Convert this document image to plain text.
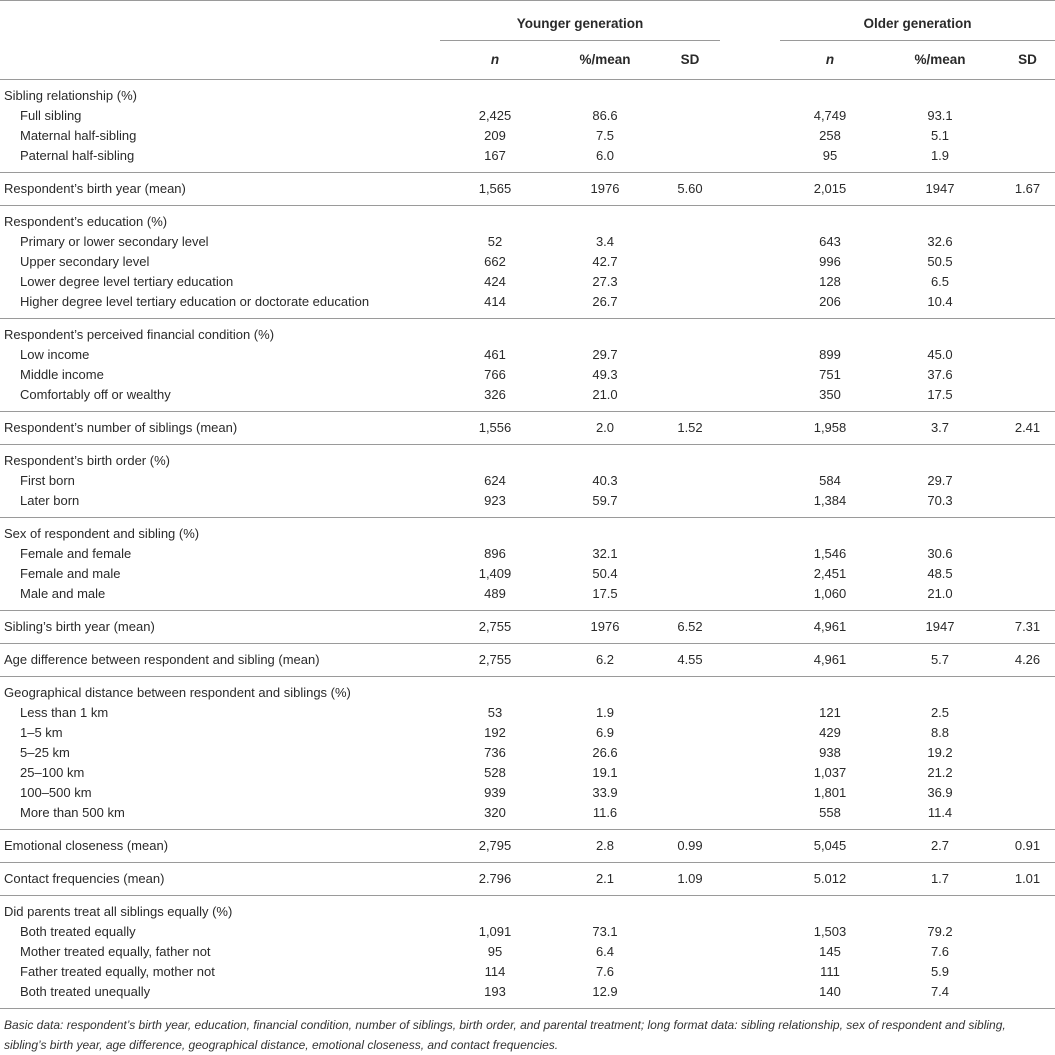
	Younger generation				Older generation		
	n	%/mean	SD		n	%/mean	SD
Sibling relationship (%)							
Full sibling	2,425	86.6			4,749	93.1	
Maternal half-sibling	209	7.5			258	5.1	
Paternal half-sibling	167	6.0			95	1.9	
Respondent’s birth year (mean)	1,565	1976	5.60		2,015	1947	1.67
Respondent’s education (%)							
Primary or lower secondary level	52	3.4			643	32.6	
Upper secondary level	662	42.7			996	50.5	
Lower degree level tertiary education	424	27.3			128	6.5	
Higher degree level tertiary education or doctorate education	414	26.7			206	10.4	
Respondent’s perceived financial condition (%)							
Low income	461	29.7			899	45.0	
Middle income	766	49.3			751	37.6	
Comfortably off or wealthy	326	21.0			350	17.5	
Respondent’s number of siblings (mean)	1,556	2.0	1.52		1,958	3.7	2.41
Respondent’s birth order (%)							
First born	624	40.3			584	29.7	
Later born	923	59.7			1,384	70.3	
Sex of respondent and sibling (%)							
Female and female	896	32.1			1,546	30.6	
Female and male	1,409	50.4			2,451	48.5	
Male and male	489	17.5			1,060	21.0	
Sibling’s birth year (mean)	2,755	1976	6.52		4,961	1947	7.31
Age difference between respondent and sibling (mean)	2,755	6.2	4.55		4,961	5.7	4.26
Geographical distance between respondent and siblings (%)							
Less than 1 km	53	1.9			121	2.5	
1–5 km	192	6.9			429	8.8	
5–25 km	736	26.6			938	19.2	
25–100 km	528	19.1			1,037	21.2	
100–500 km	939	33.9			1,801	36.9	
More than 500 km	320	11.6			558	11.4	
Emotional closeness (mean)	2,795	2.8	0.99		5,045	2.7	0.91
Contact frequencies (mean)	2.796	2.1	1.09		5.012	1.7	1.01
Did parents treat all siblings equally (%)							
Both treated equally	1,091	73.1			1,503	79.2	
Mother treated equally, father not	95	6.4			145	7.6	
Father treated equally, mother not	114	7.6			111	5.9	
Both treated unequally	193	12.9			140	7.4	
Basic data: respondent’s birth year, education, financial condition, number of siblings, birth order, and parental treatment; long format data: sibling relationship, sex of respondent and sibling, sibling’s birth year, age difference, geographical distance, emotional closeness, and contact frequencies.
